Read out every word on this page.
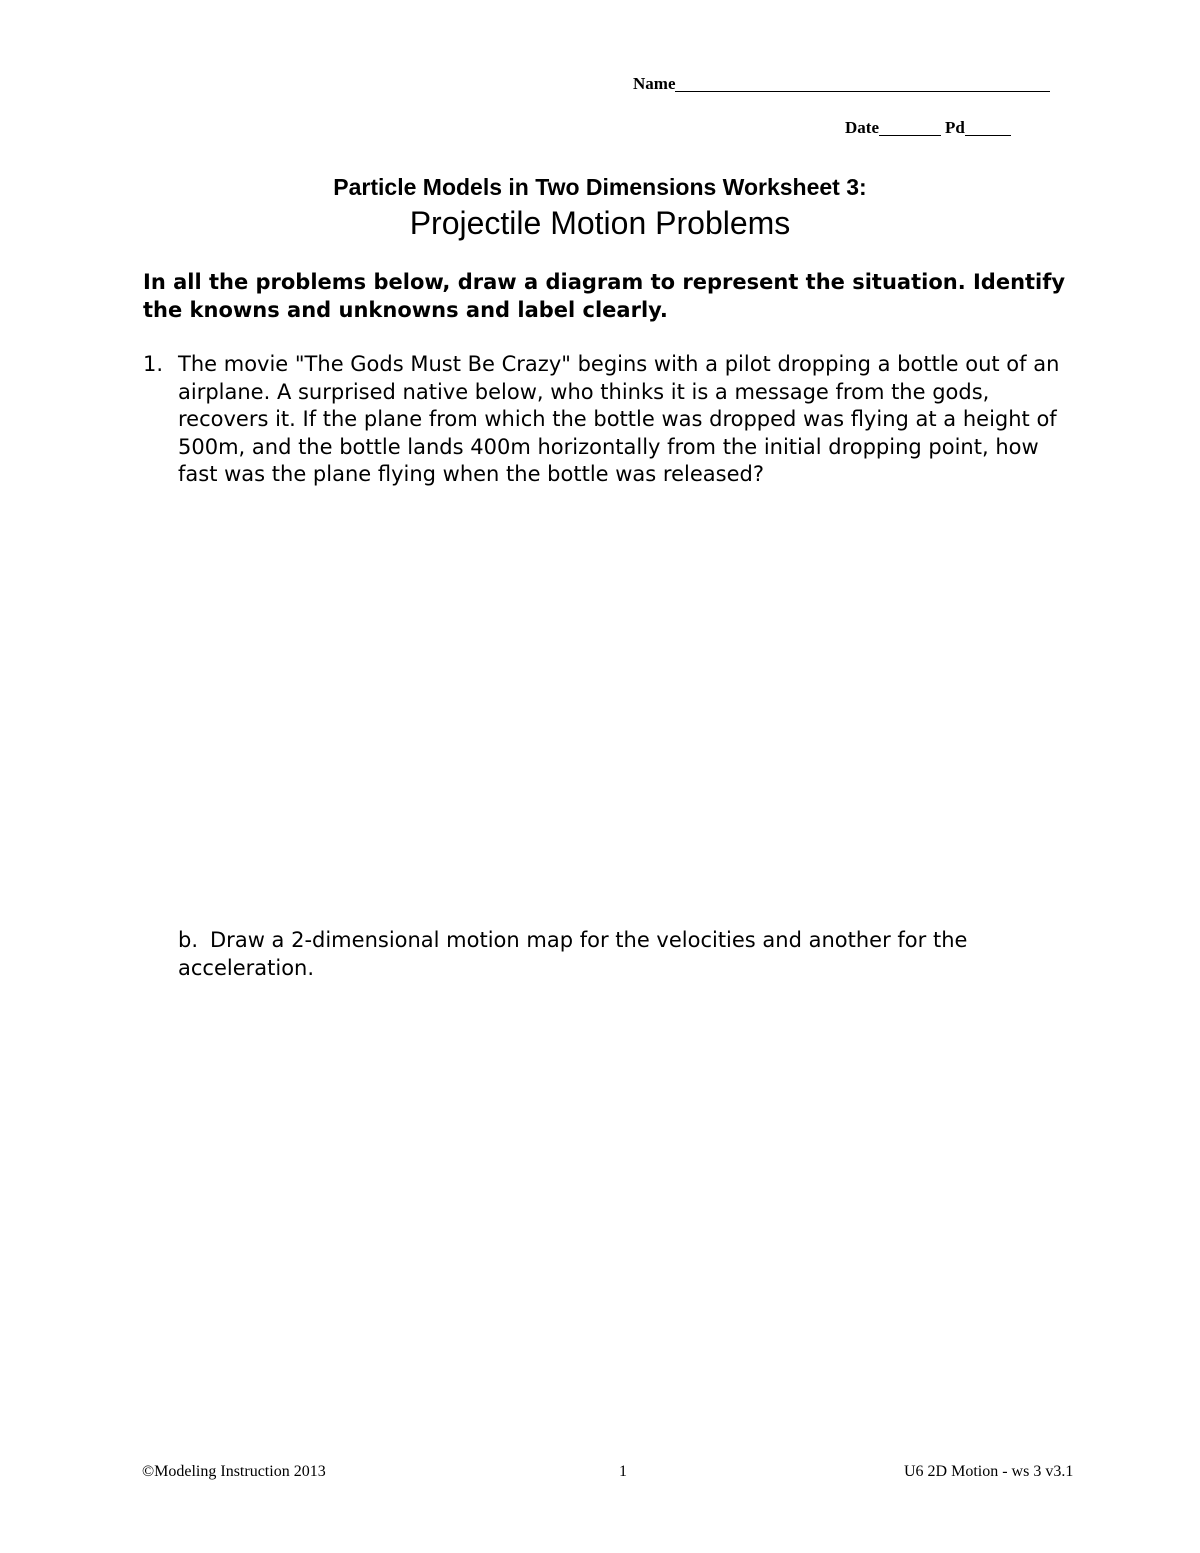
Name
Date	Pd
Particle Models in Two Dimensions Worksheet 3:
Projectile Motion Problems
In all the problems below, draw a diagram to represent the situation. Identify the knowns and unknowns and label clearly.
1. The movie "The Gods Must Be Crazy" begins with a pilot dropping a bottle out of an airplane. A surprised native below, who thinks it is a message from the gods, recovers it. If the plane from which the bottle was dropped was flying at a height of 500m, and the bottle lands 400m horizontally from the initial dropping point, how fast was the plane flying when the bottle was released?
b. Draw a 2-dimensional motion map for the velocities and another for the acceleration.
©Modeling Instruction 2013	1	U6 2D Motion - ws 3 v3.1
